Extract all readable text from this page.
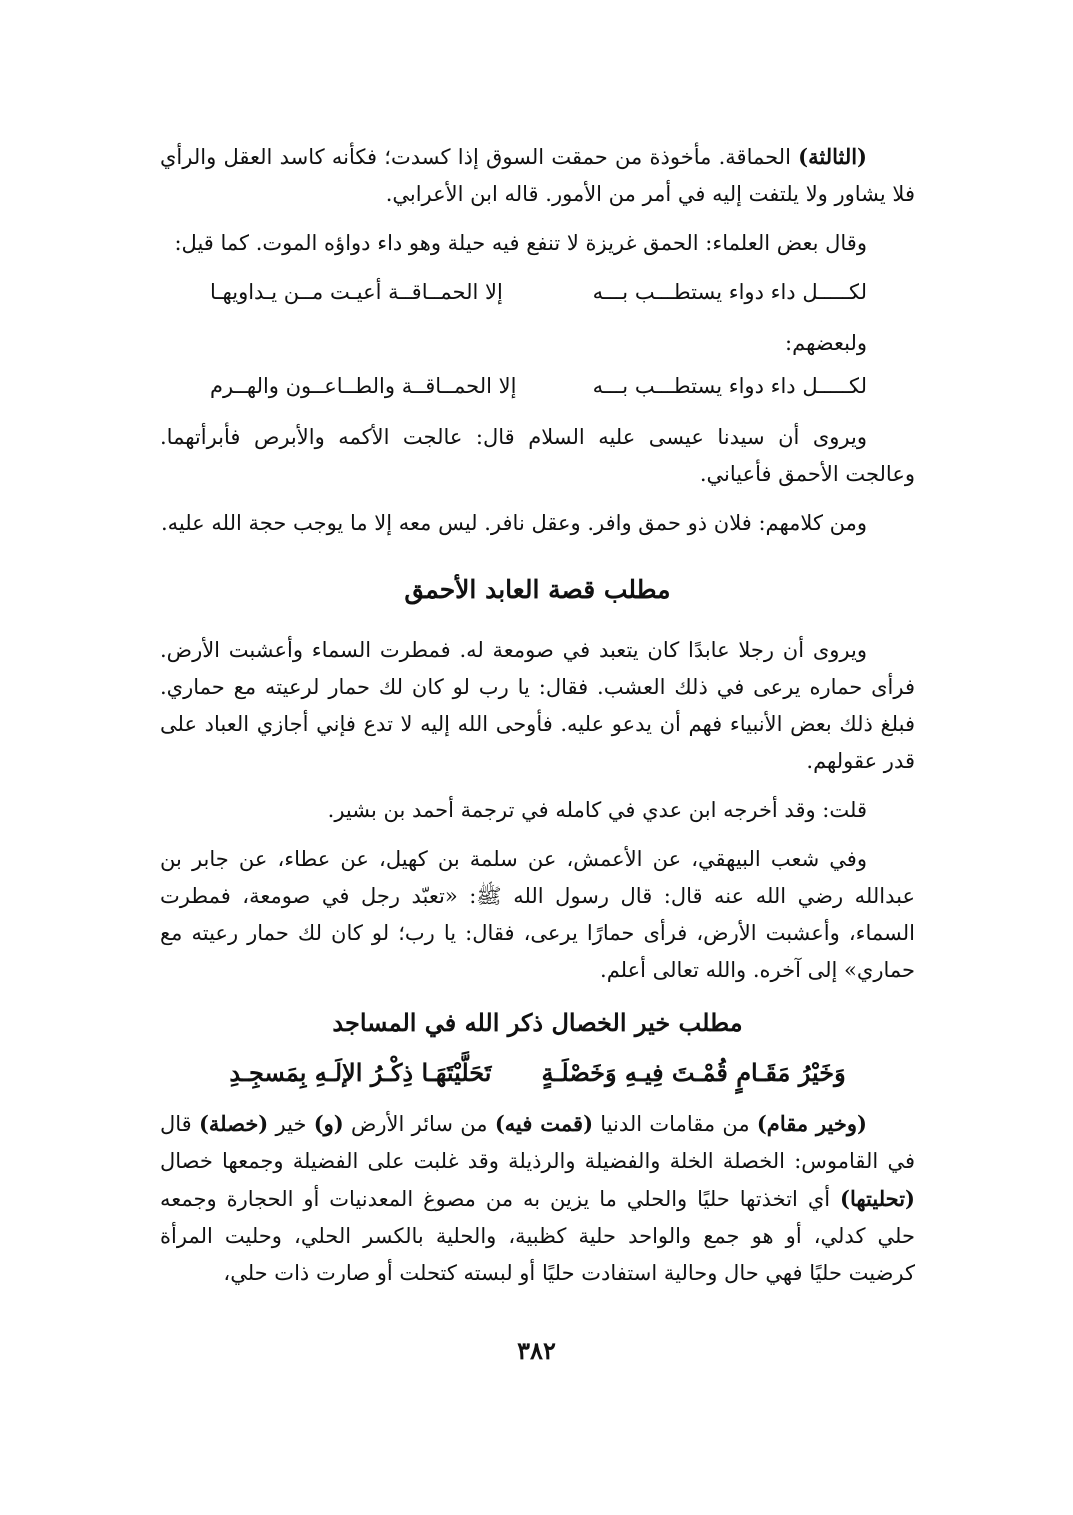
(الثالثة) الحماقة. مأخوذة من حمقت السوق إذا كسدت؛ فكأنه كاسد العقل والرأي فلا يشاور ولا يلتفت إليه في أمر من الأمور. قاله ابن الأعرابي.

وقال بعض العلماء: الحمق غريزة لا تنفع فيه حيلة وهو داء دواؤه الموت. كما قيل:

لكـــــل داء دواء يستطـــب بـــه
إلا الحمــاقــة أعيـت مــن يـداويهـا
ولبعضهم:
لكـــــل داء دواء يستطـــب بـــه
إلا الحمــاقــة والطــاعــون والهــرم

ويروى أن سيدنا عيسى عليه السلام قال: عالجت الأكمه والأبرص فأبرأتهما. وعالجت الأحمق فأعياني.

ومن كلامهم: فلان ذو حمق وافر. وعقل نافر. ليس معه إلا ما يوجب حجة الله عليه.

مطلب قصة العابد الأحمق

ويروى أن رجلا عابدًا كان يتعبد في صومعة له. فمطرت السماء وأعشبت الأرض. فرأى حماره يرعى في ذلك العشب. فقال: يا رب لو كان لك حمار لرعيته مع حماري. فبلغ ذلك بعض الأنبياء فهم أن يدعو عليه. فأوحى الله إليه لا تدع فإني أجازي العباد على قدر عقولهم.

قلت: وقد أخرجه ابن عدي في كامله في ترجمة أحمد بن بشير.

وفي شعب البيهقي، عن الأعمش، عن سلمة بن كهيل، عن عطاء، عن جابر بن عبدالله رضي الله عنه قال: قال رسول الله ﷺ: «تعبّد رجل في صومعة، فمطرت السماء، وأعشبت الأرض، فرأى حمارًا يرعى، فقال: يا رب؛ لو كان لك حمار رعيته مع حماري» إلى آخره. والله تعالى أعلم.

مطلب خير الخصال ذكر الله في المساجد
وَخَيْرُ مَقَـامٍ قُمْـتَ فِيـهِ وَخَصْلَـةٍ
تَحَلَّيْتَهَـا ذِكْـرُ الإلَـهِ بِمَسجِـدِ

(وخير مقام) من مقامات الدنيا (قمت فيه) من سائر الأرض (و) خير (خصلة) قال في القاموس: الخصلة الخلة والفضيلة والرذيلة وقد غلبت على الفضيلة وجمعها خصال (تحليتها) أي اتخذتها حليًا والحلي ما يزين به من مصوغ المعدنيات أو الحجارة وجمعه حلي كدلي، أو هو جمع والواحد حلية كظبية، والحلية بالكسر الحلي، وحليت المرأة كرضيت حليًا فهي حال وحالية استفادت حليًا أو لبسته كتحلت أو صارت ذات حلي،

٣٨٢
